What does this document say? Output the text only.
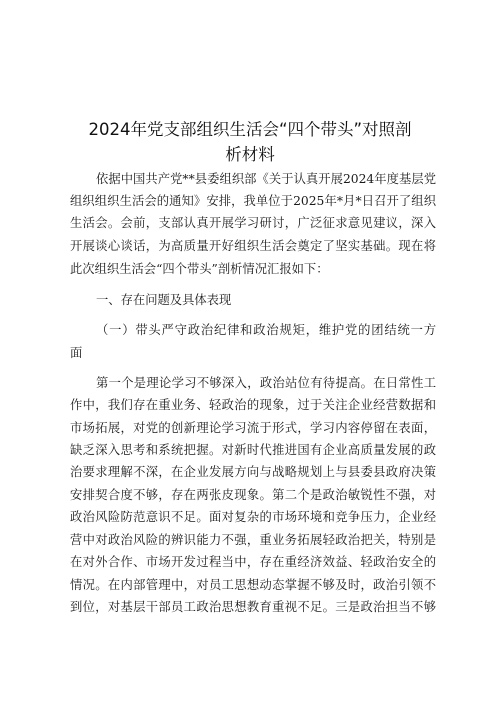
2024年党支部组织生活会“四个带头”对照剖
析材料
依据中国共产党**县委组织部《关于认真开展2024年度基层党
组织组织生活会的通知》安排，我单位于2025年*月*日召开了组织
生活会。会前，支部认真开展学习研讨，广泛征求意见建议，深入
开展谈心谈话，为高质量开好组织生活会奠定了坚实基础。现在将
此次组织生活会“四个带头”剖析情况汇报如下：
一、存在问题及具体表现
（一）带头严守政治纪律和政治规矩，维护党的团结统一方
面
第一个是理论学习不够深入，政治站位有待提高。在日常性工
作中，我们存在重业务、轻政治的现象，过于关注企业经营数据和
市场拓展，对党的创新理论学习流于形式，学习内容停留在表面，
缺乏深入思考和系统把握。对新时代推进国有企业高质量发展的政
治要求理解不深，在企业发展方向与战略规划上与县委县政府决策
安排契合度不够，存在两张皮现象。第二个是政治敏锐性不强，对
政治风险防范意识不足。面对复杂的市场环境和竞争压力，企业经
营中对政治风险的辨识能力不强，重业务拓展轻政治把关，特别是
在对外合作、市场开发过程当中，存在重经济效益、轻政治安全的
情况。在内部管理中，对员工思想动态掌握不够及时，政治引领不
到位，对基层干部员工政治思想教育重视不足。三是政治担当不够
